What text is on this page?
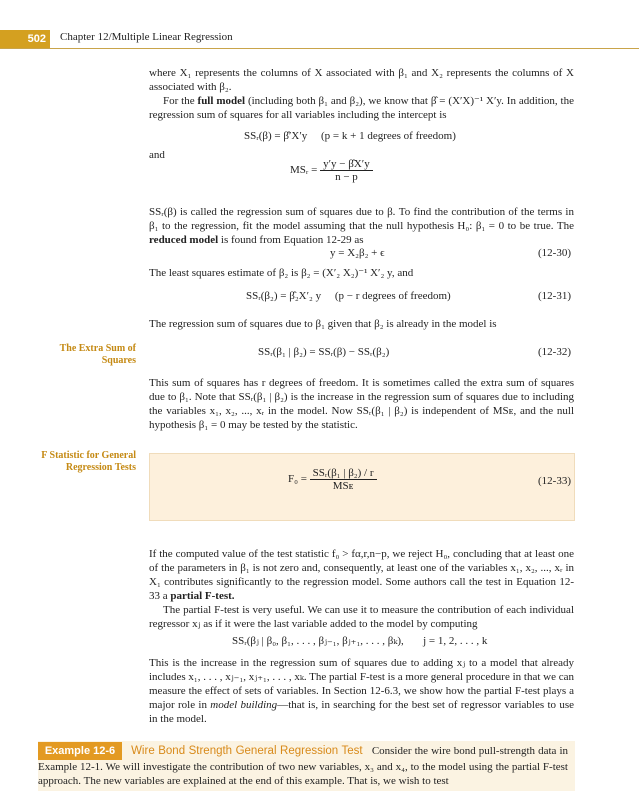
502	Chapter 12/Multiple Linear Regression

where X₁ represents the columns of X associated with β₁ and X₂ represents the columns of X associated with β₂.

For the full model (including both β₁ and β₂), we know that β̂ = (X′X)⁻¹ X′y. In addition, the regression sum of squares for all variables including the intercept is

SSᵣ(β) = β̂′X′y (p = k + 1 degrees of freedom)
and
MSᵣ = $\frac{y'y - \betâX'y}{n - p}$

SSᵣ(β) is called the regression sum of squares due to β. To find the contribution of the terms in β₁ to the regression, fit the model assuming that the null hypothesis H₀: β₁ = 0 to be true. The reduced model is found from Equation 12-29 as

y = X₂β₂ + ϵ	(12-30)
The least squares estimate of β₂ is β₂ = (X′₂ X₂)⁻¹ X′₂ y, and
SSᵣ(β₂) = β̂₂X′₂ y (p − r degrees of freedom)	(12-31)
The regression sum of squares due to β₁ given that β₂ is already in the model is
The Extra Sum of Squares
SSᵣ(β₁ | β₂) = SSᵣ(β) − SSᵣ(β₂)	(12-32)
This sum of squares has r degrees of freedom. It is sometimes called the extra sum of squares due to β₁. Note that SSᵣ(β₁ | β₂) is the increase in the regression sum of squares due to including the variables x₁, x₂, ..., xᵣ in the model. Now SSᵣ(β₁ | β₂) is independent of MSᴇ, and the null hypothesis β₁ = 0 may be tested by the statistic.
F Statistic for General Regression Tests
$F_0 = \frac{\text{SSᵣ(β₁ | β₂) / r}}{\text{MSᴇ}}$	(12-33)

If the computed value of the test statistic f₀ > fα,r,n−p, we reject H₀, concluding that at least one of the parameters in β₁ is not zero and, consequently, at least one of the variables x₁, x₂, ..., xᵣ in X₁ contributes significantly to the regression model. Some authors call the test in Equation 12-33 a partial F-test.

The partial F-test is very useful. We can use it to measure the contribution of each individual regressor xⱼ as if it were the last variable added to the model by computing
SSᵣ(βⱼ | β₀, β₁, . . . , βⱼ₋₁, βⱼ₊₁, . . . , βₖ), j = 1, 2, . . . , k

This is the increase in the regression sum of squares due to adding xⱼ to a model that already includes x₁, . . . , xⱼ₋₁, xⱼ₊₁, . . . , xₖ. The partial F-test is a more general procedure in that we can measure the effect of sets of variables. In Section 12-6.3, we show how the partial F-test plays a major role in model building—that is, in searching for the best set of regressor variables to use in the model.

Example 12-6 Wire Bond Strength General Regression Test Consider the wire bond pull-strength data in Example 12-1. We will investigate the contribution of two new variables, x₃ and x₄, to the model using the partial F-test approach. The new variables are explained at the end of this example. That is, we wish to test
